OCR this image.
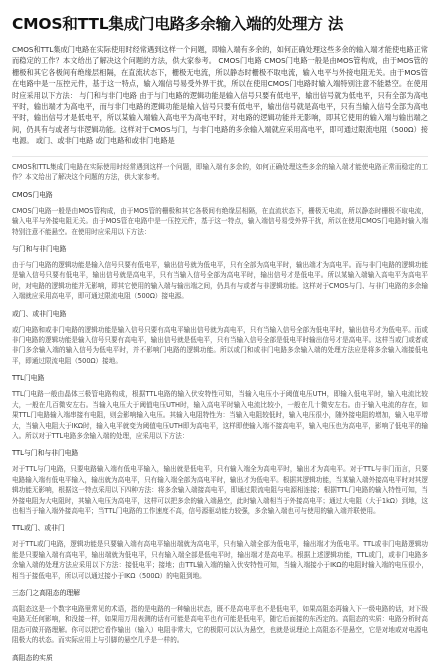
CMOS和TTL集成门电路多余输入端的处理方 法
CMOS和TTL集成门电路在实际使用时经常遇到这样一个问题，即输入端有多余的，如何正确处理这些多余的输入端才能使电路正常而稳定的工作？本文给出了解决这个问题的方法，供大家参考。 CMOS门电路 CMOS门电路一般是由MOS管构成，由于MOS管的栅极和其它各极间有绝缘层相隔，在直流状态下，栅极无电流，所以静态时栅极不取电流，输入电平与外接电阻无关。由于MOS管在电路中是一压控元件，基于这一特点，输入端信号易受外界干扰，所以在使用CMOS门电路时输入端特别注意不能悬空。在使用时应采用以下方法： 与门和与非门电路 由于与门电路的逻辑功能是输入信号只要有低电平，输出信号就为低电平，只有全部为高电平时，输出端才为高电平，而与非门电路的逻辑功能是输入信号只要有低电平，输出信号就是高电平，只有当输入信号全部为高电平时，输出信号才是低电平，所以某输入端输入高电平为高电平时，对电路的逻辑功能并无影响，即其它使用的输入端与输出端之间，仍具有与或者与非逻辑功能。这样对于CMOS与门，与非门电路的多余输入端就应采用高电平，即可通过限流电阻（500Ω）接电源。 或门、或非门电路 或门电路和或非门电路是

CMOS和TTL集成门电路在实际使用时经常遇到这样一个问题，即输入端有多余的，如何正确处理这些多余的输入端才能使电路正常而稳定的工作？本文给出了解决这个问题的方法，供大家参考。

CMOS门电路

CMOS门电路一般是由MOS管构成，由于MOS管的栅极和其它各极间有绝缘层相隔，在直流状态下，栅极无电流，所以静态时栅极不取电流，输入电平与外接电阻无关。由于MOS管在电路中是一压控元件，基于这一特点，输入端信号易受外界干扰，所以在使用CMOS门电路时输入端特别注意不能悬空。在使用时应采用以下方法：

与门和与非门电路

由于与门电路的逻辑功能是输入信号只要有低电平，输出信号就为低电平，只有全部为高电平时，输出端才为高电平。而与非门电路的逻辑功能是输入信号只要有低电平，输出信号就是高电平，只有当输入信号全部为高电平时，输出信号才是低电平。所以某输入端输入高电平为高电平时，对电路的逻辑功能并无影响，即其它使用的输入端与输出端之间，仍具有与或者与非逻辑功能。这样对于CMOS与门、与非门电路的多余输入端就应采用高电平，即可通过限流电阻（500Ω）接电源。

或门、或非门电路

或门电路和或非门电路的逻辑功能是输入信号只要有高电平输出信号就为高电平，只有当输入信号全部为低电平时，输出信号才为低电平。而或非门电路的逻辑功能是输入信号只要有高电平，输出信号就是低电平，只有当输入信号全部是低电平时输出信号才是高电平。这样当或门或者或非门多余输入端的输入信号为低电平时，并不影响门电路的逻辑功能。所以或门和或非门电路多余输入端的处理方法应是将多余输入端接低电平，即通过限流电阻（500Ω）接地。

TTL门电路

TTL门电路一般由晶体三极管电路构成，根据TTL电路的输入伏安特性可知，当输入电压小于阈值电压UTH，即输入低电平时，输入电流比较大，一般在几百微安左右。当输入电压大于阈值电压UTH时，输入高电平时输入电流比较小，一般在几十微安左右。由于输入电流的存在，如果TTL门电路输入端串接有电阻，则会影响输入电压。其输入电阻特性为：当输入电阻较低时，输入电压很小，随外接电阻的增加，输入电平增大，当输入电阻大于IKΩ时，输入电平就变为阈值电压UTH即为高电平，这样即使输入端不接高电平，输入电压也为高电平，影响了低电平的输入。所以对于TTL电路多余输入端的处理，应采用以下方法：

TTL与门和与非门电路

对于TTL与门电路，只要电路输入端有低电平输入，输出就是低电平，只有输入端全为高电平时，输出才为高电平。对于TTL与非门而言，只要电路输入端有低电平输入，输出就为高电平，只有输入端全部为高电平时，输出才为低电平。根据其逻辑功能，当某输入端外接高电平时对其逻辑功能无影响，根据这一特点采用以下四种方法：将多余输入端接高电平，即通过限流电阻与电源相连接；根据TTL门电路的输入特性可知，当外接电阻为大电阻时，其输入电压为高电平，这样可以把多余的输入端悬空，此时输入端相当于外接高电平；通过大电阻（大于1kΩ）到地，这也相当于输入端外接高电平；当TTL门电路的工作速度不高，信号源驱动能力较强，多余输入端也可与使用的输入端并联使用。

TTL或门、或非门

对于TTL或门电路，逻辑功能是只要输入端有高电平输出端就为高电平，只有输入端全部为低电平，输出端才为低电平。TTL或非门电路逻辑功能是只要输入端有高电平，输出端就为低电平，只有输入端全部是低电平时，输出端才是高电平。根据上述逻辑功能，TTL或门，或非门电路多余输入端的处理方法应采用以下方法：接低电平；接地；由TTL输入端的输入伏安特性可知，当输入端接小于IKΩ的电阻时输入端的电压很小，相当于接低电平，所以可以通过接小于IKΩ（500Ω）的电阻到地。

三态门之高阻态的理解

高阻态这是一个数字电路里常见的术语，指的是电路的一种输出状态，既不是高电平也不是低电平，如果高阻态再输入下一级电路的话，对下级电路无任何影响，和没接一样，如果用万用表测的话有可能是高电平也有可能是低电平，随它后面接的东西定的。高阻态的实质：电路分析时高阻态可做开路理解。你可以把它看作输出（输入）电阻非常大，它的极限可以认为悬空，也就是说理论上高阻态不是悬空，它是对地或对电源电阻极大的状态。而实际应用上与引脚的悬空几乎是一样的。

高阻态的实质
